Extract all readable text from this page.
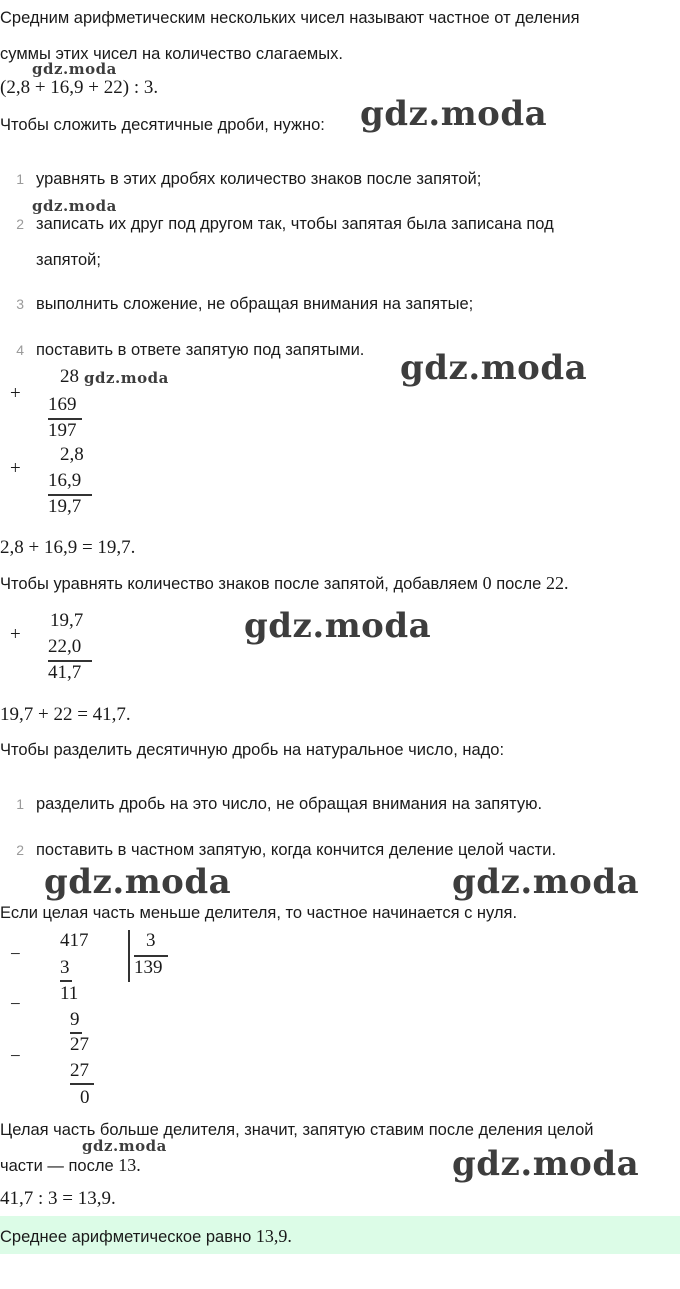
Средним арифметическим нескольких чисел называют частное от деления
суммы этих чисел на количество слагаемых.
(2,8 + 16,9 + 22) : 3.
Чтобы сложить десятичные дроби, нужно:
1 уравнять в этих дробях количество знаков после запятой;
2 записать их друг под другом так, чтобы запятая была записана под
запятой;
3 выполнить сложение, не обращая внимания на запятые;
4 поставить в ответе запятую под запятыми.
+
28
169
197
+
2,8
16,9
19,7
2,8 + 16,9 = 19,7.
Чтобы уравнять количество знаков после запятой, добавляем 0 после 22.
+
19,7
22,0
41,7
19,7 + 22 = 41,7.
Чтобы разделить десятичную дробь на натуральное число, надо:
1 разделить дробь на это число, не обращая внимания на запятую.
2 поставить в частном запятую, когда кончится деление целой части.
Если целая часть меньше делителя, то частное начинается с нуля.
−
417	3
139
3
−
11
9
−
27
27
0
Целая часть больше делителя, значит, запятую ставим после деления целой
части — после 13.
41,7 : 3 = 13,9.
Среднее арифметическое равно 13,9.
gdz.moda
gdz.moda
gdz.moda
gdz.moda
gdz.moda
gdz.moda
gdz.moda	gdz.moda
gdz.moda	gdz.moda
